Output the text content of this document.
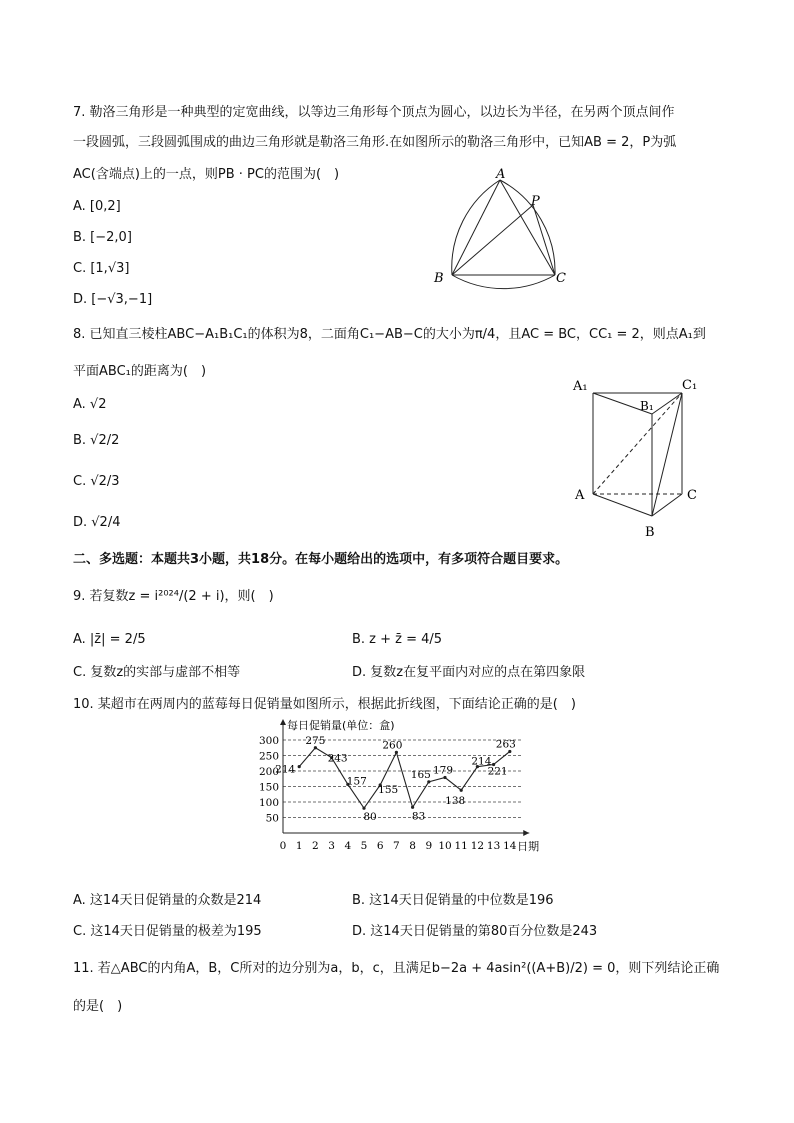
7. 勒洛三角形是一种典型的定宽曲线，以等边三角形每个顶点为圆心，以边长为半径，在另两个顶点间作
一段圆弧，三段圆弧围成的曲边三角形就是勒洛三角形.在如图所示的勒洛三角形中，已知AB = 2，P为弧
AC(含端点)上的一点，则PB · PC的范围为(　)
A. [0,2]
B. [−2,0]
C. [1,√3]
D. [−√3,−1]
A
P
B	C
8. 已知直三棱柱ABC−A₁B₁C₁的体积为8，二面角C₁−AB−C的大小为π/4，且AC = BC，CC₁ = 2，则点A₁到
平面ABC₁的距离为(　)
A. √2
B. √2/2
C. √2/3
D. √2/4
A₁
B₁
C₁
A
B
C
二、多选题：本题共3小题，共18分。在每小题给出的选项中，有多项符合题目要求。
9. 若复数z = i²⁰²⁴/(2 + i)，则(　)
A. |z̄| = 2/5	B. z + z̄ = 4/5
C. 复数z的实部与虚部不相等	D. 复数z在复平面内对应的点在第四象限
10. 某超市在两周内的蓝莓每日促销量如图所示，根据此折线图，下面结论正确的是(　)
每日促销量(单位：盒)
50
100
150
200
250
300
0 1 2 3 4 5 6 7 8 9 10 11 12 13 14 日期
214
275
243
157
80
155
260
83
165 179
138
214
221
263
A. 这14天日促销量的众数是214	B. 这14天日促销量的中位数是196
C. 这14天日促销量的极差为195	D. 这14天日促销量的第80百分位数是243
11. 若△ABC的内角A，B，C所对的边分别为a，b，c，且满足b−2a + 4asin²((A+B)/2) = 0，则下列结论正确
的是(　)
